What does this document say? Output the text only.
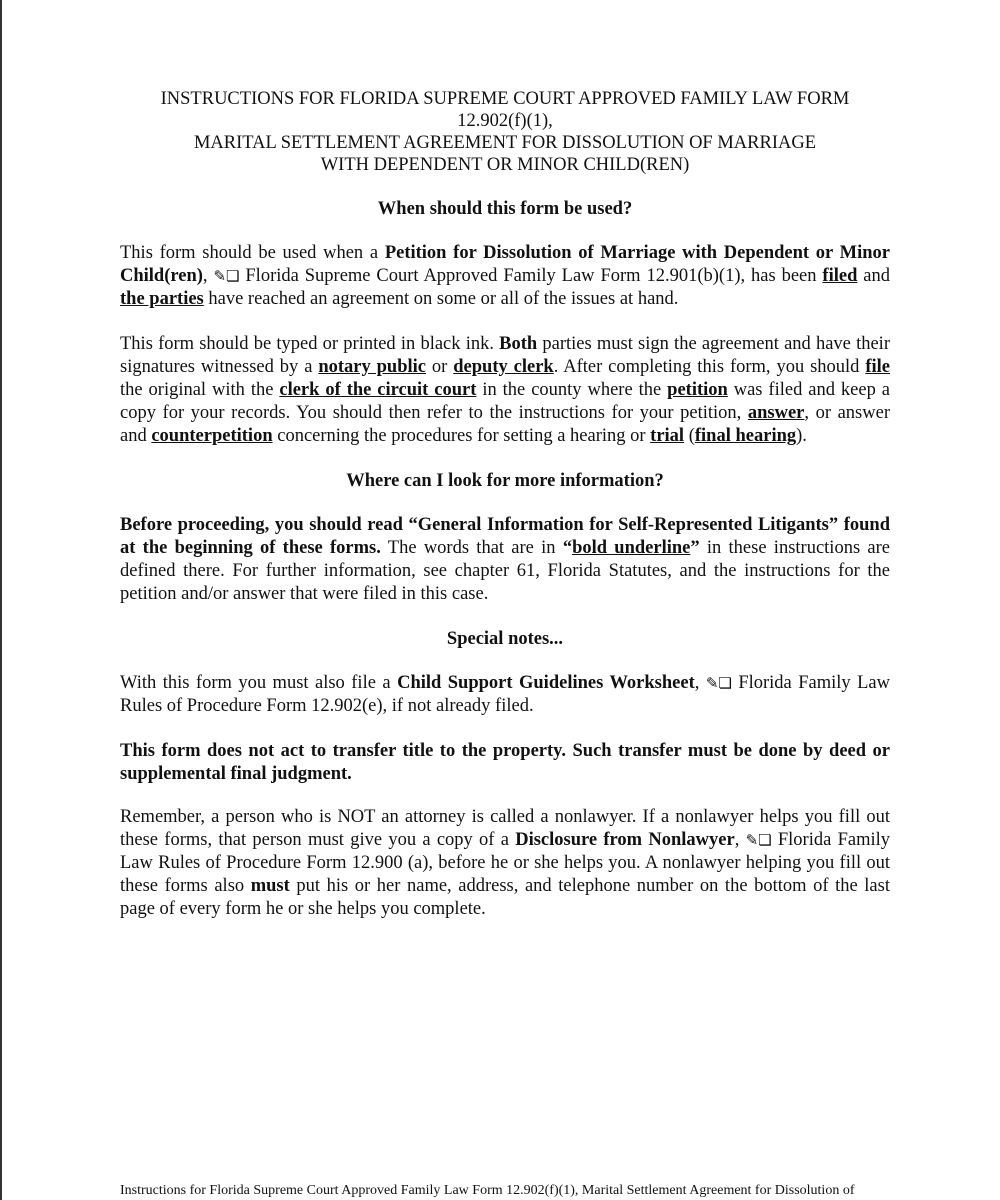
INSTRUCTIONS FOR FLORIDA SUPREME COURT APPROVED FAMILY LAW FORM

12.902(f)(1),

MARITAL SETTLEMENT AGREEMENT FOR DISSOLUTION OF MARRIAGE

WITH DEPENDENT OR MINOR CHILD(REN)

When should this form be used?

This form should be used when a Petition for Dissolution of Marriage with Dependent or Minor Child(ren), ✎❏ Florida Supreme Court Approved Family Law Form 12.901(b)(1), has been filed and the parties have reached an agreement on some or all of the issues at hand.

This form should be typed or printed in black ink. Both parties must sign the agreement and have their signatures witnessed by a notary public or deputy clerk. After completing this form, you should file the original with the clerk of the circuit court in the county where the petition was filed and keep a copy for your records. You should then refer to the instructions for your petition, answer, or answer and counterpetition concerning the procedures for setting a hearing or trial (final hearing).

Where can I look for more information?

Before proceeding, you should read “General Information for Self-Represented Litigants” found at the beginning of these forms. The words that are in “bold underline” in these instructions are defined there. For further information, see chapter 61, Florida Statutes, and the instructions for the petition and/or answer that were filed in this case.

Special notes...

With this form you must also file a Child Support Guidelines Worksheet, ✎❏ Florida Family Law Rules of Procedure Form 12.902(e), if not already filed.

This form does not act to transfer title to the property. Such transfer must be done by deed or supplemental final judgment.

Remember, a person who is NOT an attorney is called a nonlawyer. If a nonlawyer helps you fill out these forms, that person must give you a copy of a Disclosure from Nonlawyer, ✎❏ Florida Family Law Rules of Procedure Form 12.900 (a), before he or she helps you. A nonlawyer helping you fill out these forms also must put his or her name, address, and telephone number on the bottom of the last page of every form he or she helps you complete.

Instructions for Florida Supreme Court Approved Family Law Form 12.902(f)(1), Marital Settlement Agreement for Dissolution of
